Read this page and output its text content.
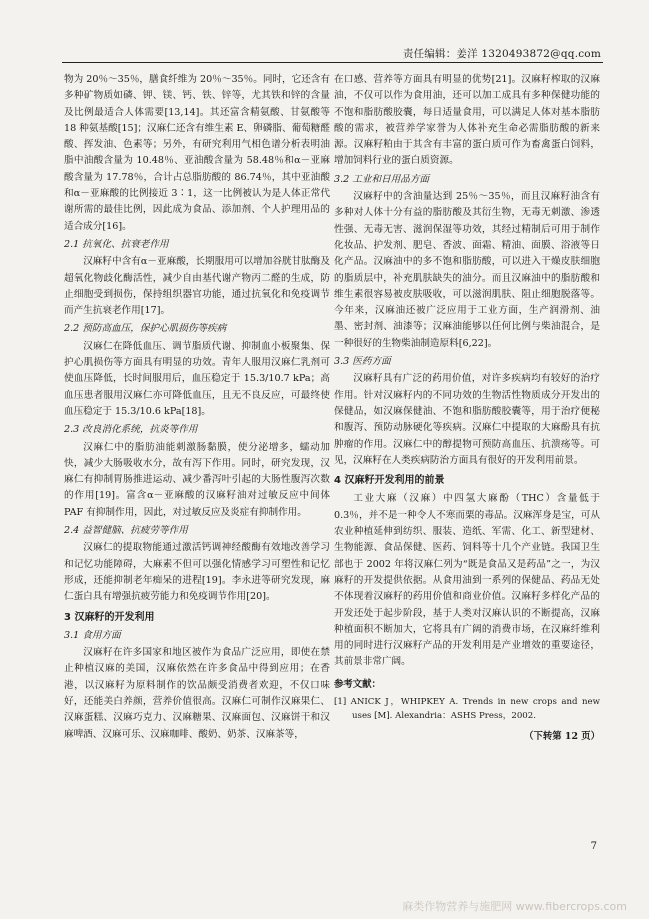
责任编辑：姜洋 1320493872@qq.com

物为 20％～35％，膳食纤维为 20％～35％。同时，它还含有多种矿物质如磷、钾、镁、钙、铁、锌等，尤其铁和锌的含量及比例最适合人体需要[13,14]。其还富含精氨酸、甘氨酸等 18 种氨基酸[15]；汉麻仁还含有维生素 E、卵磷脂、葡萄糖醛酸、挥发油、色素等；另外，有研究利用气相色谱分析表明油脂中油酸含量为 10.48％、亚油酸含量为 58.48％和α－亚麻酸含量为 17.78％，合计占总脂肪酸的 86.74％，其中亚油酸和α－亚麻酸的比例接近 3∶1，这一比例被认为是人体正常代谢所需的最佳比例，因此成为食品、添加剂、个人护理用品的适合成分[16]。

2.1 抗氧化、抗衰老作用

汉麻籽中含有α－亚麻酸，长期服用可以增加谷胱甘肽酶及超氧化物歧化酶活性，减少自由基代谢产物丙二醛的生成，防止细胞受到损伤，保持组织器官功能，通过抗氧化和免疫调节而产生抗衰老作用[17]。

2.2 预防高血压，保护心肌损伤等疾病

汉麻仁在降低血压、调节脂质代谢、抑制血小板聚集、保护心肌损伤等方面具有明显的功效。青年人服用汉麻仁乳剂可使血压降低，长时间服用后，血压稳定于 15.3/10.7 kPa；高血压患者服用汉麻仁亦可降低血压，且无不良反应，可最终使血压稳定于 15.3/10.6 kPa[18]。

2.3 改良消化系统，抗炎等作用

汉麻仁中的脂肪油能刺激肠黏膜，使分泌增多，蠕动加快，减少大肠吸收水分，故有泻下作用。同时，研究发现，汉麻仁有抑制胃肠推进运动、减少番泻叶引起的大肠性腹泻次数的作用[19]。富含α－亚麻酸的汉麻籽油对过敏反应中间体 PAF 有抑制作用，因此，对过敏反应及炎症有抑制作用。

2.4 益智健脑、抗疲劳等作用

汉麻仁的提取物能通过激活钙调神经酸酶有效地改善学习和记忆功能障碍，大麻素不但可以强化情感学习可塑性和记忆形成，还能抑制老年痴呆的进程[19]。李永进等研究发现，麻仁蛋白具有增强抗疲劳能力和免疫调节作用[20]。

3 汉麻籽的开发利用
3.1 食用方面

汉麻籽在许多国家和地区被作为食品广泛应用，即使在禁止种植汉麻的美国，汉麻依然在许多食品中得到应用；在香港，以汉麻籽为原料制作的饮品颇受消费者欢迎，不仅口味好，还能美白养颜，营养价值很高。汉麻仁可制作汉麻果仁、汉麻蛋糕、汉麻巧克力、汉麻糖果、汉麻面包、汉麻饼干和汉麻啤酒、汉麻可乐、汉麻咖啡、酸奶、奶茶、汉麻茶等，

在口感、营养等方面具有明显的优势[21]。汉麻籽榨取的汉麻油，不仅可以作为食用油，还可以加工成具有多种保健功能的不饱和脂肪酸胶囊，每日适量食用，可以满足人体对基本脂肪酸的需求，被营养学家誉为人体补充生命必需脂肪酸的新来源。汉麻籽粕由于其含有丰富的蛋白质可作为畜禽蛋白饲料，增加饲料行业的蛋白质资源。

3.2 工业和日用品方面

汉麻籽中的含油量达到 25％～35％，而且汉麻籽油含有多种对人体十分有益的脂肪酸及其衍生物，无毒无刺激、渗透性强、无毒无害、滋润保湿等功效，其经过精制后可用于制作化妆品、护发剂、肥皂、香波、面霜、精油、面膜、浴液等日化产品。汉麻油中的多不饱和脂肪酸，可以进入干燥皮肤细胞的脂质层中，补充肌肤缺失的油分。而且汉麻油中的脂肪酸和维生素很容易被皮肤吸收，可以滋润肌肤、阻止细胞脱落等。今年来，汉麻油还被广泛应用于工业方面，生产润滑剂、油墨、密封剂、油漆等；汉麻油能够以任何比例与柴油混合，是一种很好的生物柴油制造原料[6,22]。

3.3 医药方面

汉麻籽具有广泛的药用价值，对许多疾病均有较好的治疗作用。针对汉麻籽内的不同功效的生物活性物质成分开发出的保健品，如汉麻保健油、不饱和脂肪酸胶囊等，用于治疗便秘和腹泻、预防动脉硬化等疾病。汉麻仁中提取的大麻酚具有抗肿瘤的作用。汉麻仁中的醇提物可预防高血压、抗溃疡等。可见，汉麻籽在人类疾病防治方面具有很好的开发利用前景。

4 汉麻籽开发利用的前景

工业大麻（汉麻）中四氢大麻酚（THC）含量低于 0.3％，并不是一种令人不寒而栗的毒品。汉麻浑身是宝，可从农业种植延伸到纺织、服装、造纸、军需、化工、新型建材、生物能源、食品保健、医药、饲料等十几个产业链。我国卫生部也于 2002 年将汉麻仁列为“既是食品又是药品”之一，为汉麻籽的开发提供依据。从食用油到一系列的保健品、药品无处不体现着汉麻籽的药用价值和商业价值。汉麻籽多样化产品的开发还处于起步阶段，基于人类对汉麻认识的不断提高，汉麻种植面积不断加大，它将具有广阔的消费市场，在汉麻纤维利用的同时进行汉麻籽产品的开发利用是产业增效的重要途径，其前景非常广阔。

参考文献：

[1] ANICK J，WHIPKEY A. Trends in new crops and new uses [M]. Alexandria：ASHS Press，2002.

（下转第 12 页）
7
麻类作物营养与施肥网 www.fibercrops.com
